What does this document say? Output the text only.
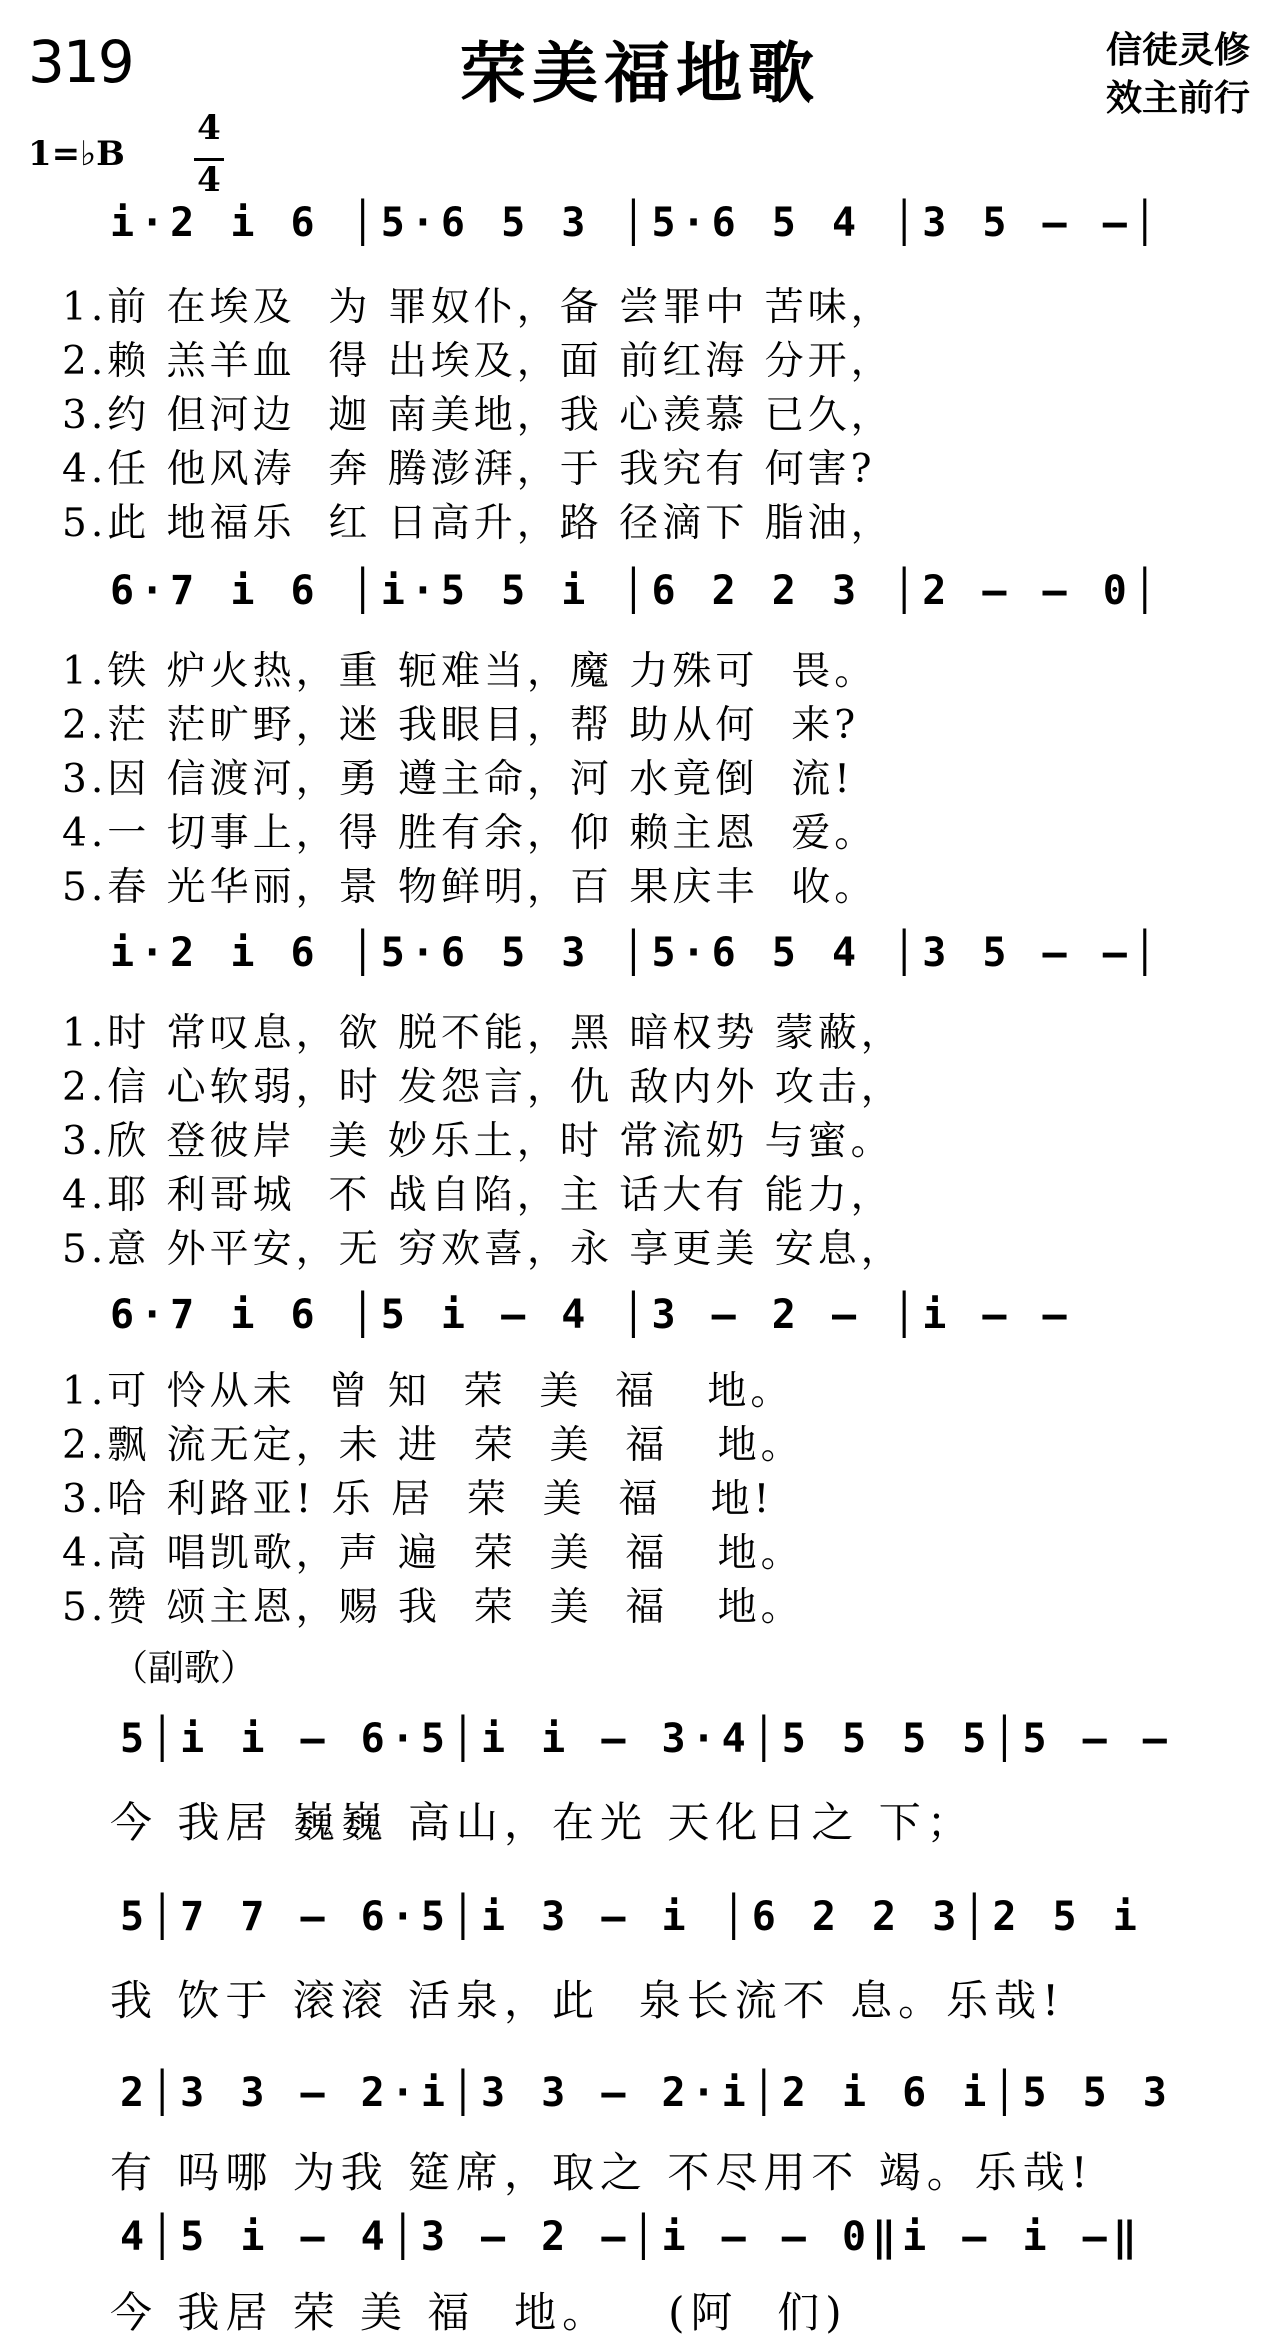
319	荣美福地歌	信徒灵修
效主前行
1=♭B
4
4
i·2 i 6 │5·6 5 3 │5·6 5 4 │3 5 – –│
1.前 在埃及  为 罪奴仆，备 尝罪中 苦味，
2.赖 羔羊血  得 出埃及，面 前红海 分开，
3.约 但河边  迦 南美地，我 心羡慕 已久，
4.任 他风涛  奔 腾澎湃，于 我究有 何害?
5.此 地福乐  红 日高升，路 径滴下 脂油，
6·7 i 6 │i·5 5 i │6 2 2 3 │2 – – 0│
1.铁 炉火热，重 轭难当，魔 力殊可  畏。
2.茫 茫旷野，迷 我眼目，帮 助从何  来?
3.因 信渡河，勇 遵主命，河 水竟倒  流!
4.一 切事上，得 胜有余，仰 赖主恩  爱。
5.春 光华丽，景 物鲜明，百 果庆丰  收。
i·2 i 6 │5·6 5 3 │5·6 5 4 │3 5 – –│
1.时 常叹息，欲 脱不能，黑 暗权势 蒙蔽，
2.信 心软弱，时 发怨言，仇 敌内外 攻击，
3.欣 登彼岸  美 妙乐土，时 常流奶 与蜜。
4.耶 利哥城  不 战自陷，主 话大有 能力，
5.意 外平安，无 穷欢喜，永 享更美 安息，
6·7 i 6 │5 i – 4 │3 – 2 – │i – –
1.可 怜从未  曾 知  荣  美  福   地。
2.飘 流无定，未 进  荣  美  福   地。
3.哈 利路亚! 乐 居  荣  美  福   地!
4.高 唱凯歌，声 遍  荣  美  福   地。
5.赞 颂主恩，赐 我  荣  美  福   地。
（副歌）
5│i i – 6·5│i i – 3·4│5 5 5 5│5 – –
今 我居 巍巍 高山，在光 天化日之 下；
5│7 7 – 6·5│i 3 – i │6 2 2 3│2 5 i
我 饮于 滚滚 活泉，此  泉长流不 息。乐哉!
2│3 3 – 2·i│3 3 – 2·i│2 i 6 i│5 5 3
有 吗哪 为我 筵席，取之 不尽用不 竭。乐哉!
4│5 i – 4│3 – 2 –│i – – 0‖i – i –‖
今 我居 荣 美 福  地。   (阿  们)
